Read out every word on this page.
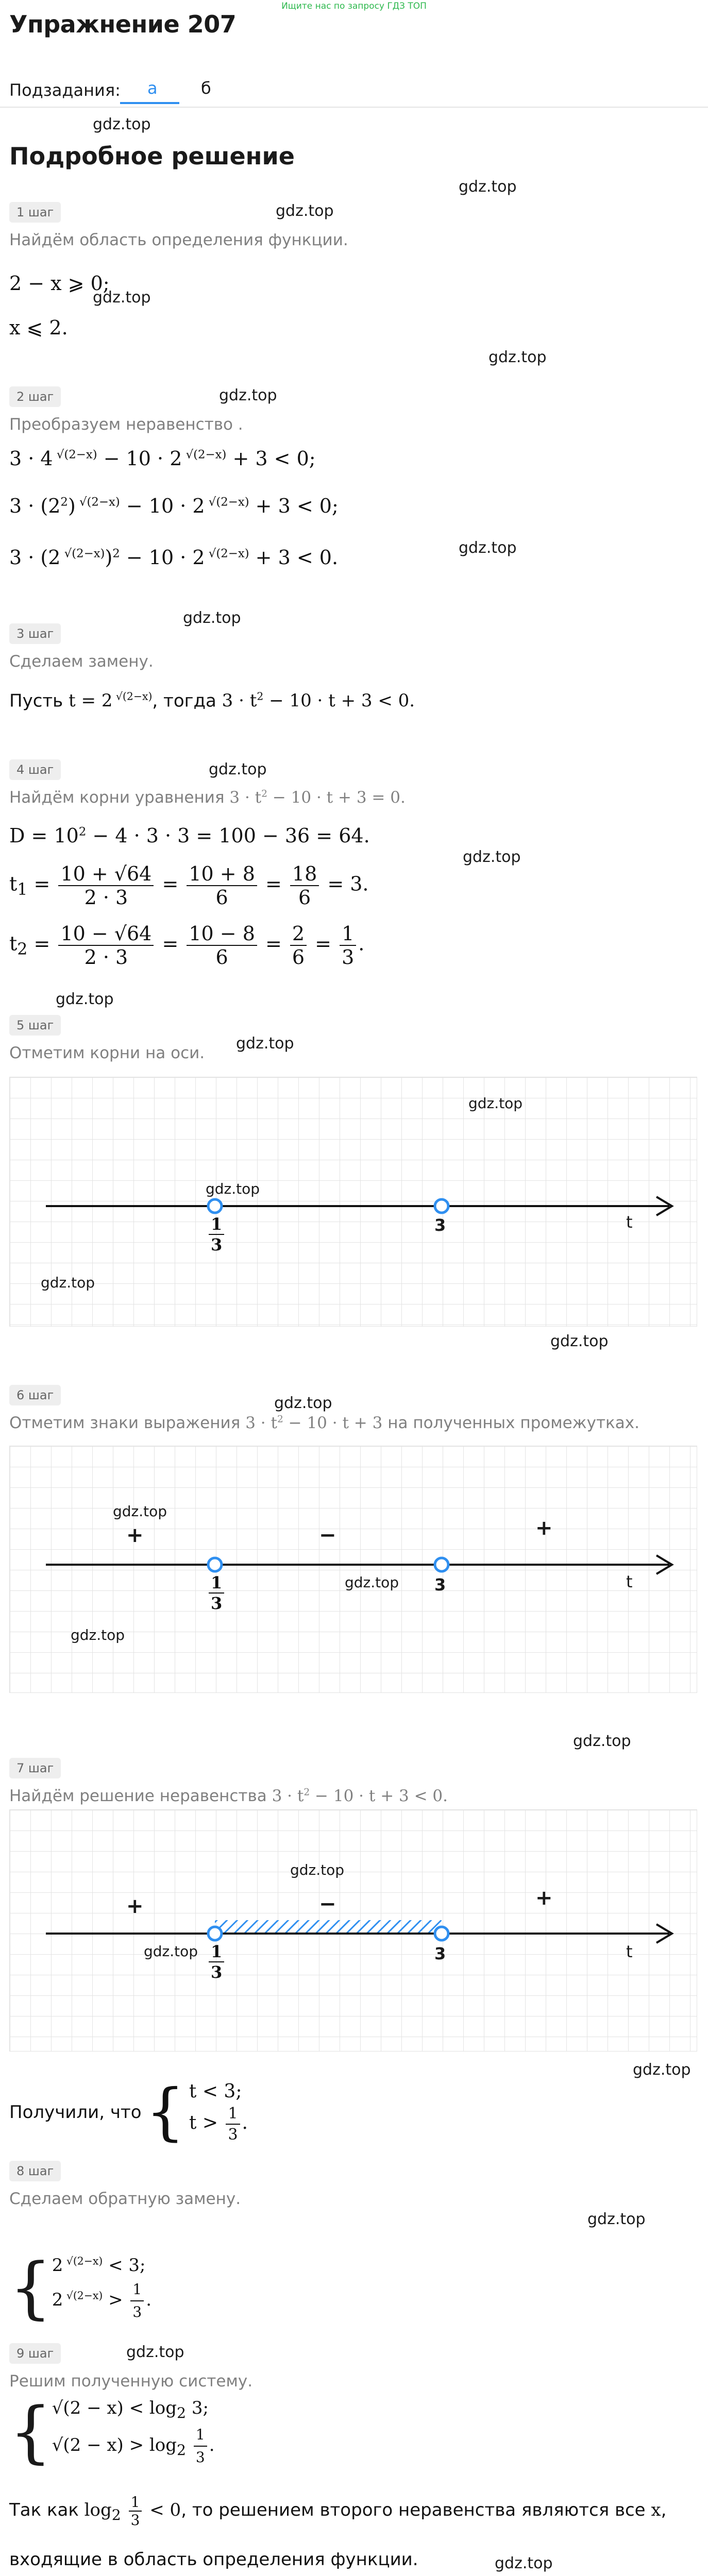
Ищите нас по запросу ГДЗ ТОП
Упражнение 207
Подзадания: а	б
gdz.top
Подробное решение
gdz.top
1 шаг
Найдём область определения функции.
gdz.top
2 − x ⩾ 0;
gdz.top
x ⩽ 2.
gdz.top
2 шаг
Преобразуем неравенство .
gdz.top
3 · 4 $^{√(2-x)}$ − 10 · 2 $^{√(2-x)}$ + 3 < 0;
$3 \cdot (2^2) ^{√(2-x)} - 10 \cdot 2$ $^{√(2-x)}$ + 3 < 0;
3 · (2 $^{√(2-x)}$)$^2$ − 10 · 2 $^{√(2-x)}$ + 3 < 0.	gdz.top
gdz.top
3 шаг
Сделаем замену.
Пусть t = 2 $^{√(2-x)}$, тогда $3 \cdot t^2 - 10 \cdot t + 3 < 0$.
gdz.top
4 шаг
Найдём корни уравнения $3 \cdot t^2 - 10 \cdot t + 3 = 0$.
gdz.top
$D = 10^2 - 4 \cdot 3 \cdot 3 = 100 - 36 = 64$.
$t_1 = \frac{10 + √64}{2 \cdot 3} = \frac{10 + 8}{6} = \frac{18}{6} = 3$.
$t_2 = \frac{10 - √64}{2 \cdot 3} = \frac{10 - 8}{6} = \frac{2}{6} = \frac{1}{3}$ .
gdz.top
5 шаг
Отметим корни на оси.
gdz.top
gdz.top
$\frac{1}{3}$	3	t
gdz.top
gdz.top
gdz.top
6 шаг
Отметим знаки выражения $3 \cdot t^2 - 10 \cdot t + 3$ на полученных промежутках.
gdz.top
gdz.top
+	−	+
$\frac{1}{3}$	3
gdz.top	t
gdz.top
gdz.top
7 шаг
Найдём решение неравенства $3 \cdot t^2 - 10 \cdot t + 3 < 0$.
gdz.top
+	−	+
$gdz.top \frac{1}{3}$	3	t
gdz.top
Получили, что { t < 3;
$t > \frac{1}{3}$ .
8 шаг
Сделаем обратную замену.
gdz.top
{ 2 $^{√(2-x)}$ < 3;
2 $^{√(2-x)} > \frac{1}{3}$ .
9 шаг
Решим полученную систему.
gdz.top
{ $√(2 - x) < \log_2 3$;
$√(2 - x) > \log_2 \frac{1}{3}$ .
Так как $\log_2 \frac{1}{3} < 0$, то решением второго неравенства являются все x,
входящие в область определения функции.	gdz.top
